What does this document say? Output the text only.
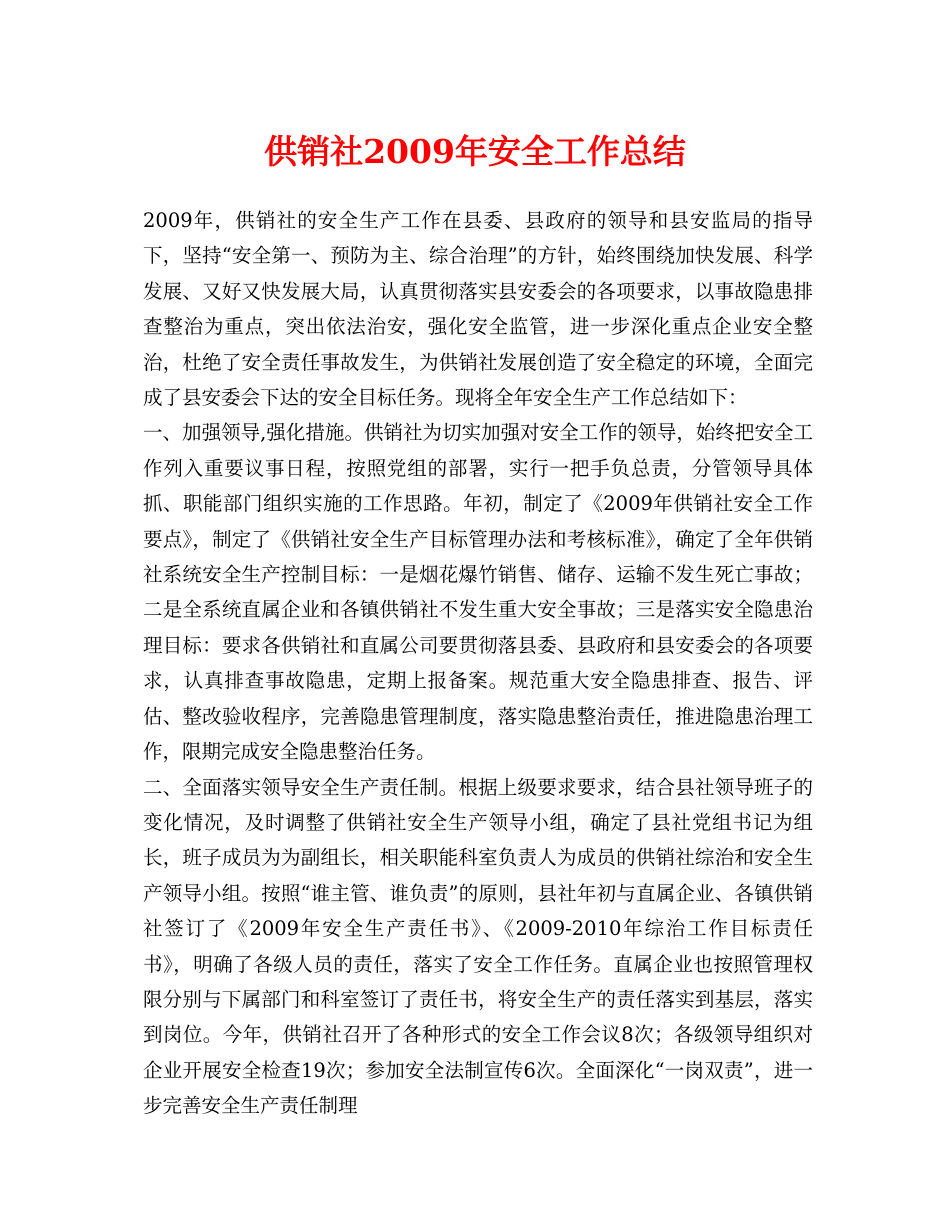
供销社2009年安全工作总结

2009年，供销社的安全生产工作在县委、县政府的领导和县安监局的指导下，坚持“安全第一、预防为主、综合治理”的方针，始终围绕加快发展、科学发展、又好又快发展大局，认真贯彻落实县安委会的各项要求，以事故隐患排查整治为重点，突出依法治安，强化安全监管，进一步深化重点企业安全整治，杜绝了安全责任事故发生，为供销社发展创造了安全稳定的环境，全面完成了县安委会下达的安全目标任务。现将全年安全生产工作总结如下：

一、加强领导,强化措施。供销社为切实加强对安全工作的领导，始终把安全工作列入重要议事日程，按照党组的部署，实行一把手负总责，分管领导具体抓、职能部门组织实施的工作思路。年初，制定了《2009年供销社安全工作要点》，制定了《供销社安全生产目标管理办法和考核标准》，确定了全年供销社系统安全生产控制目标：一是烟花爆竹销售、储存、运输不发生死亡事故；二是全系统直属企业和各镇供销社不发生重大安全事故；三是落实安全隐患治理目标：要求各供销社和直属公司要贯彻落县委、县政府和县安委会的各项要求，认真排查事故隐患，定期上报备案。规范重大安全隐患排查、报告、评估、整改验收程序，完善隐患管理制度，落实隐患整治责任，推进隐患治理工作，限期完成安全隐患整治任务。

二、全面落实领导安全生产责任制。根据上级要求要求，结合县社领导班子的变化情况，及时调整了供销社安全生产领导小组，确定了县社党组书记为组长，班子成员为为副组长，相关职能科室负责人为成员的供销社综治和安全生产领导小组。按照“谁主管、谁负责”的原则，县社年初与直属企业、各镇供销社签订了《2009年安全生产责任书》、《2009-2010年综治工作目标责任书》，明确了各级人员的责任，落实了安全工作任务。直属企业也按照管理权限分别与下属部门和科室签订了责任书，将安全生产的责任落实到基层，落实到岗位。今年，供销社召开了各种形式的安全工作会议8次；各级领导组织对企业开展安全检查19次；参加安全法制宣传6次。全面深化“一岗双责”，进一步完善安全生产责任制理
